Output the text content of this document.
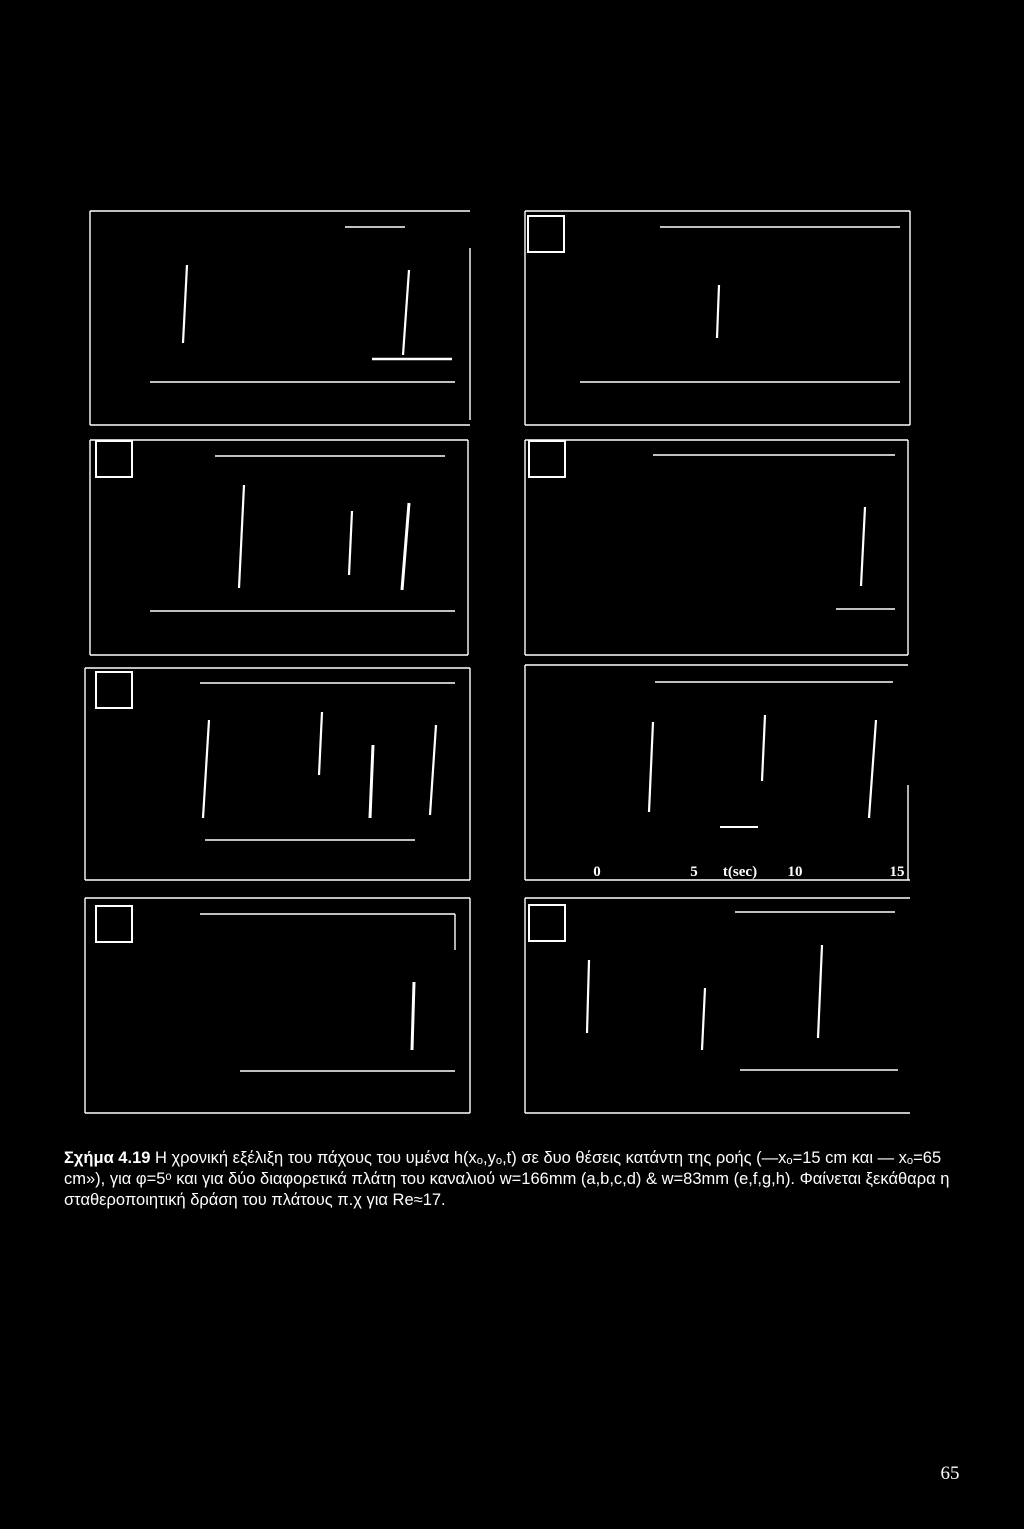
0	5 t(sec) 10	15
Σχήμα 4.19 Η χρονική εξέλιξη του πάχους του υμένα h(xₒ,yₒ,t) σε δυο θέσεις κατάντη της ροής (—xₒ=15 cm και — xₒ=65 cm»), για φ=5ᵒ και για δύο διαφορετικά πλάτη του καναλιού w=166mm (a,b,c,d) & w=83mm (e,f,g,h). Φαίνεται ξεκάθαρα η σταθεροποιητική δράση του πλάτους π.χ για Re≈17.
65
